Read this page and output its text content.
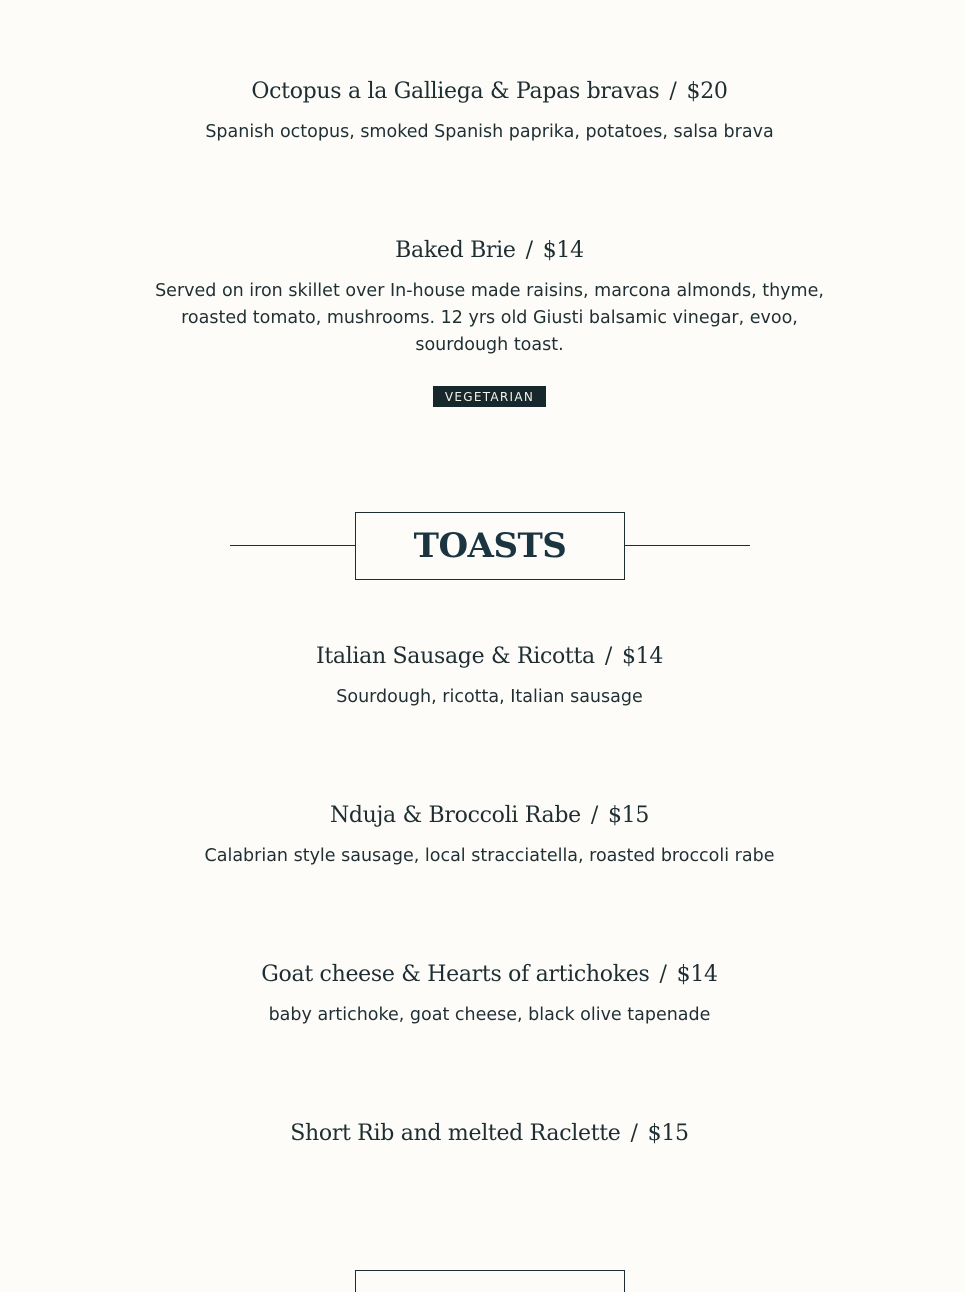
Octopus a la Galliega & Papas bravas / $20
Spanish octopus, smoked Spanish paprika, potatoes, salsa brava
Baked Brie / $14
Served on iron skillet over In-house made raisins, marcona almonds, thyme, roasted tomato, mushrooms. 12 yrs old Giusti balsamic vinegar, evoo, sourdough toast.
VEGETARIAN
TOASTS
Italian Sausage & Ricotta / $14
Sourdough, ricotta, Italian sausage
Nduja & Broccoli Rabe / $15
Calabrian style sausage, local stracciatella, roasted broccoli rabe
Goat cheese & Hearts of artichokes / $14
baby artichoke, goat cheese, black olive tapenade
Short Rib and melted Raclette / $15
